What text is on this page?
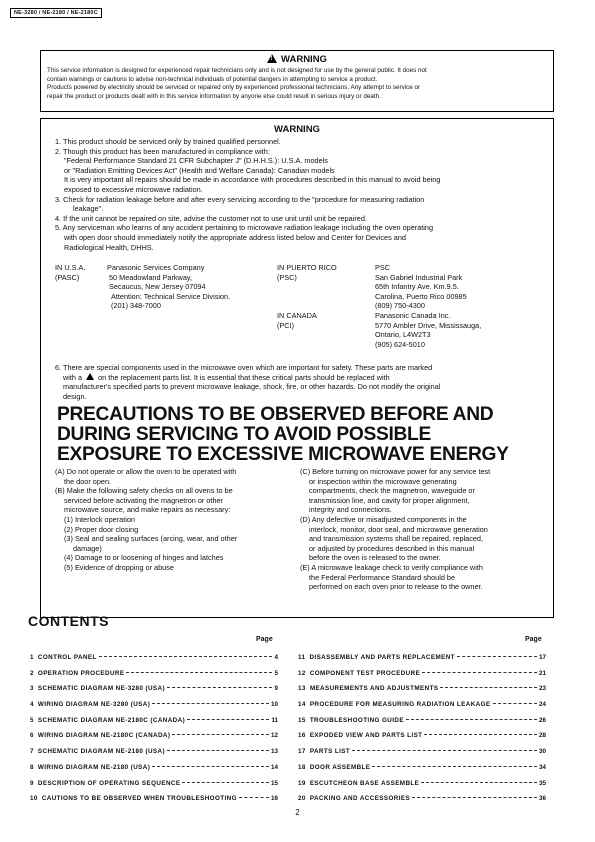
NE-3280 / NE-2180 / NE-2180C
!WARNING
This service information is designed for experienced repair technicians only and is not designed for use by the general public. It does not
contain warnings or cautions to advise non-technical individuals of potential dangers in attempting to service a product.
Products powered by electricity should be serviced or repaired only by experienced professional technicians. Any attempt to service or
repair the product or products dealt with in this service information by anyone else could result in serious injury or death.
WARNING
1. This product should be serviced only by trained qualified personnel.
2. Though this product has been manufactured in compliance with:
"Federal Performance Standard 21 CFR Subchapter J" (D.H.H.S.): U.S.A. models
or "Radiation Emitting Devices Act" (Health and Welfare Canada): Canadian models
It is very important all repairs should be made in accordance with procedures described in this manual to avoid being
exposed to excessive microwave radiation.
3. Check for radiation leakage before and after every servicing according to the "procedure for measuring radiation
leakage".
4. If the unit cannot be repaired on site, advise the customer not to use unit until unit be repaired.
5. Any serviceman who learns of any accident pertaining to microwave radiation leakage including the oven operating
with open door should immediately notify the appropriate address listed below and Center for Devices and
Radiological Health, DHHS.
IN U.S.A.
(PASC)
Panasonic Services Company
50 Meadowland Parkway,
Secaucus, New Jersey 07094
Attention: Technical Service Division.
(201) 348-7000
IN PUERTO RICO
(PSC)
PSC
San Gabriel Industrial Park
65th Infantry Ave. Km.9.5.
Carolina, Puerto Rico 00985
(809) 750-4300
IN CANADA
(PCI)
Panasonic Canada Inc.
5770 Ambler Drive, Mississauga,
Ontario, L4W2T3
(905) 624-5010
6. There are special components used in the microwave oven which are important for safety. These parts are marked
with a on the replacement parts list. It is essential that these critical parts should be replaced with
manufacturer's specified parts to prevent microwave leakage, shock, fire, or other hazards. Do not modify the original
design.
PRECAUTIONS TO BE OBSERVED BEFORE AND
DURING SERVICING TO AVOID POSSIBLE
EXPOSURE TO EXCESSIVE MICROWAVE ENERGY
(A) Do not operate or allow the oven to be operated with
the door open.
(B) Make the following safety checks on all ovens to be
serviced before activating the magnetron or other
microwave source, and make repairs as necessary:
(1) Interlock operation
(2) Proper door closing
(3) Seal and sealing surfaces (arcing, wear, and other
damage)
(4) Damage to or loosening of hinges and latches
(5) Evidence of dropping or abuse
(C) Before turning on microwave power for any service test
or inspection within the microwave generating
compartments, check the magnetron, waveguide or
transmission line, and cavity for proper alignment,
integrity and connections.
(D) Any defective or misadjusted components in the
interlock, monitor, door seal, and microwave generation
and transmission systems shall be repaired, replaced,
or adjusted by procedures described in this manual
before the oven is released to the owner.
(E) A microwave leakage check to verify compliance with
the Federal Performance Standard should be
performed on each oven prior to release to the owner.
CONTENTS
Page	Page
1 CONTROL PANEL	4
2 OPERATION PROCEDURE	5
3 SCHEMATIC DIAGRAM NE-3280 (USA)	9
4 WIRING DIAGRAM NE-3280 (USA)	10
5 SCHEMATIC DIAGRAM NE-2180C (CANADA)	11
6 WIRING DIAGRAM NE-2180C (CANADA)	12
7 SCHEMATIC DIAGRAM NE-2180 (USA)	13
8 WIRING DIAGRAM NE-2180 (USA)	14
9 DESCRIPTION OF OPERATING SEQUENCE	15
10 CAUTIONS TO BE OBSERVED WHEN TROUBLESHOOTING	16
11 DISASSEMBLY AND PARTS REPLACEMENT	17
12 COMPONENT TEST PROCEDURE	21
13 MEASUREMENTS AND ADJUSTMENTS	23
14 PROCEDURE FOR MEASURING RADIATION LEAKAGE	24
15 TROUBLESHOOTING GUIDE	26
16 EXPODED VIEW AND PARTS LIST	28
17 PARTS LIST	30
18 DOOR ASSEMBLE	34
19 ESCUTCHEON BASE ASSEMBLE	35
20 PACKING AND ACCESSORIES	36
2
